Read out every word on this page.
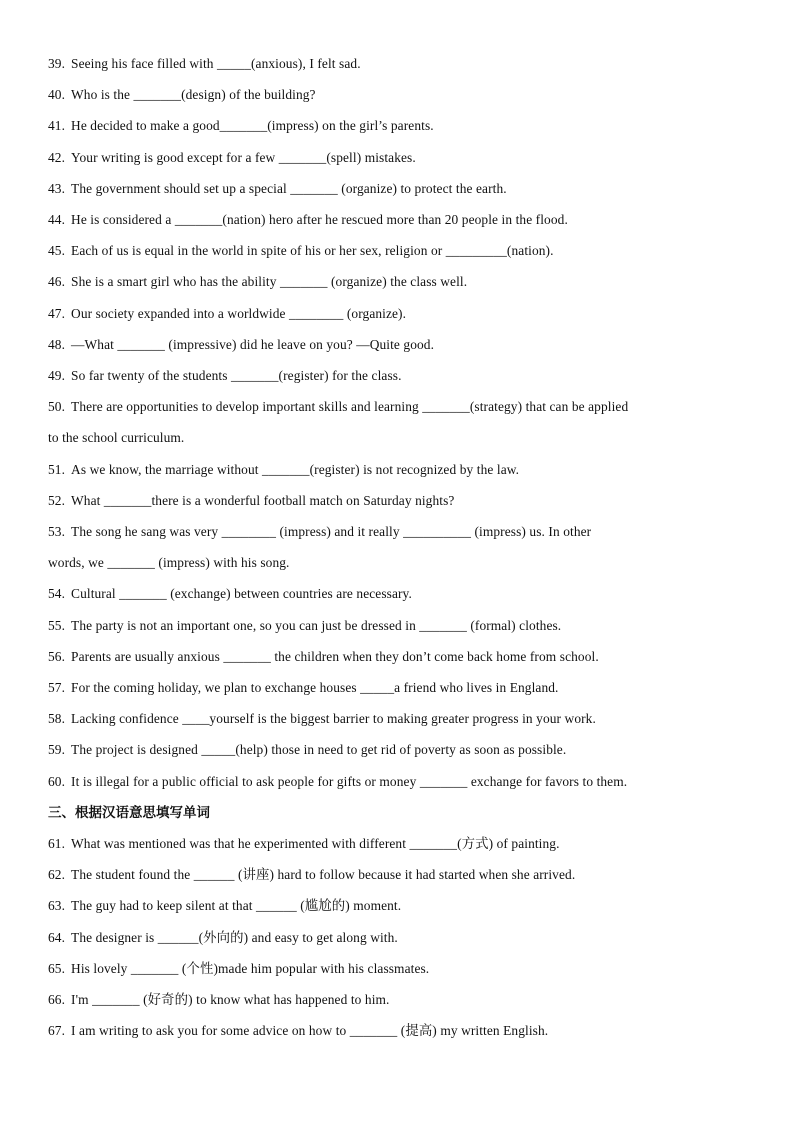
39. Seeing his face filled with _____(anxious), I felt sad.
40. Who is the _______(design) of the building?
41. He decided to make a good_______(impress) on the girl’s parents.
42. Your writing is good except for a few _______(spell) mistakes.
43. The government should set up a special _______ (organize) to protect the earth.
44. He is considered a _______(nation) hero after he rescued more than 20 people in the flood.
45. Each of us is equal in the world in spite of his or her sex, religion or _________(nation).
46. She is a smart girl who has the ability _______ (organize) the class well.
47. Our society expanded into a worldwide ________ (organize).
48. —What _______ (impressive) did he leave on you? —Quite good.
49. So far twenty of the students _______(register) for the class.
50. There are opportunities to develop important skills and learning _______(strategy) that can be applied
to the school curriculum.
51. As we know, the marriage without _______(register) is not recognized by the law.
52. What _______there is a wonderful football match on Saturday nights?
53. The song he sang was very ________ (impress) and it really __________ (impress) us. In other
words, we _______ (impress) with his song.
54. Cultural _______ (exchange) between countries are necessary.
55. The party is not an important one, so you can just be dressed in _______ (formal) clothes.
56. Parents are usually anxious _______ the children when they don’t come back home from school.
57. For the coming holiday, we plan to exchange houses _____a friend who lives in England.
58. Lacking confidence ____yourself is the biggest barrier to making greater progress in your work.
59. The project is designed _____(help) those in need to get rid of poverty as soon as possible.
60. It is illegal for a public official to ask people for gifts or money _______ exchange for favors to them.
三、根据汉语意思填写单词
61. What was mentioned was that he experimented with different _______(方式) of painting.
62. The student found the ______ (讲座) hard to follow because it had started when she arrived.
63. The guy had to keep silent at that ______ (尴尬的) moment.
64. The designer is ______(外向的) and easy to get along with.
65. His lovely _______ (个性)made him popular with his classmates.
66. I'm _______ (好奇的) to know what has happened to him.
67. I am writing to ask you for some advice on how to _______ (提高) my written English.
